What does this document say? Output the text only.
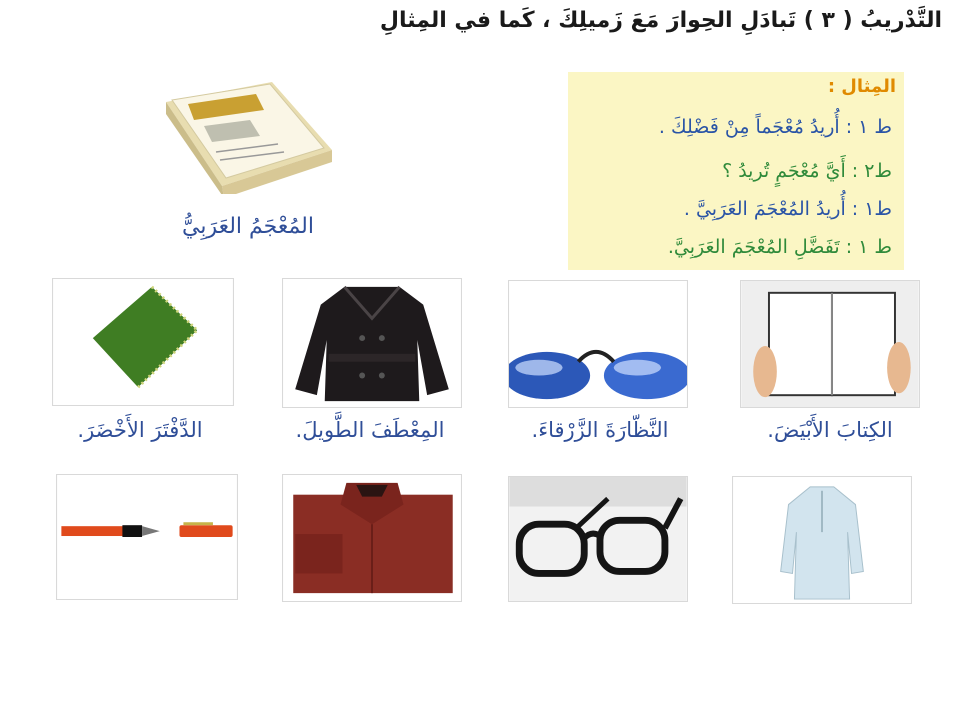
التَّدْريبُ ( ٣ ) تَبادَلِ الحِوارَ مَعَ زَميلِكَ ، كَما في المِثالِ
المُعْجَمُ العَرَبِيُّ
المِثال :
ط ١ : أُريدُ مُعْجَماً مِنْ فَضْلِكَ .
ط٢ : أَيَّ مُعْجَمٍ تُريدُ ؟
ط١ : أُريدُ المُعْجَمَ العَرَبِيَّ .
ط ١ : تَفَضَّلِ المُعْجَمَ العَرَبِيَّ.
الكِتابَ الأَبْيَضَ.
النَّظّارَةَ الزَّرْقاءَ.
المِعْطَفَ الطَّويلَ.
الدَّفْتَرَ الأَخْضَرَ.
